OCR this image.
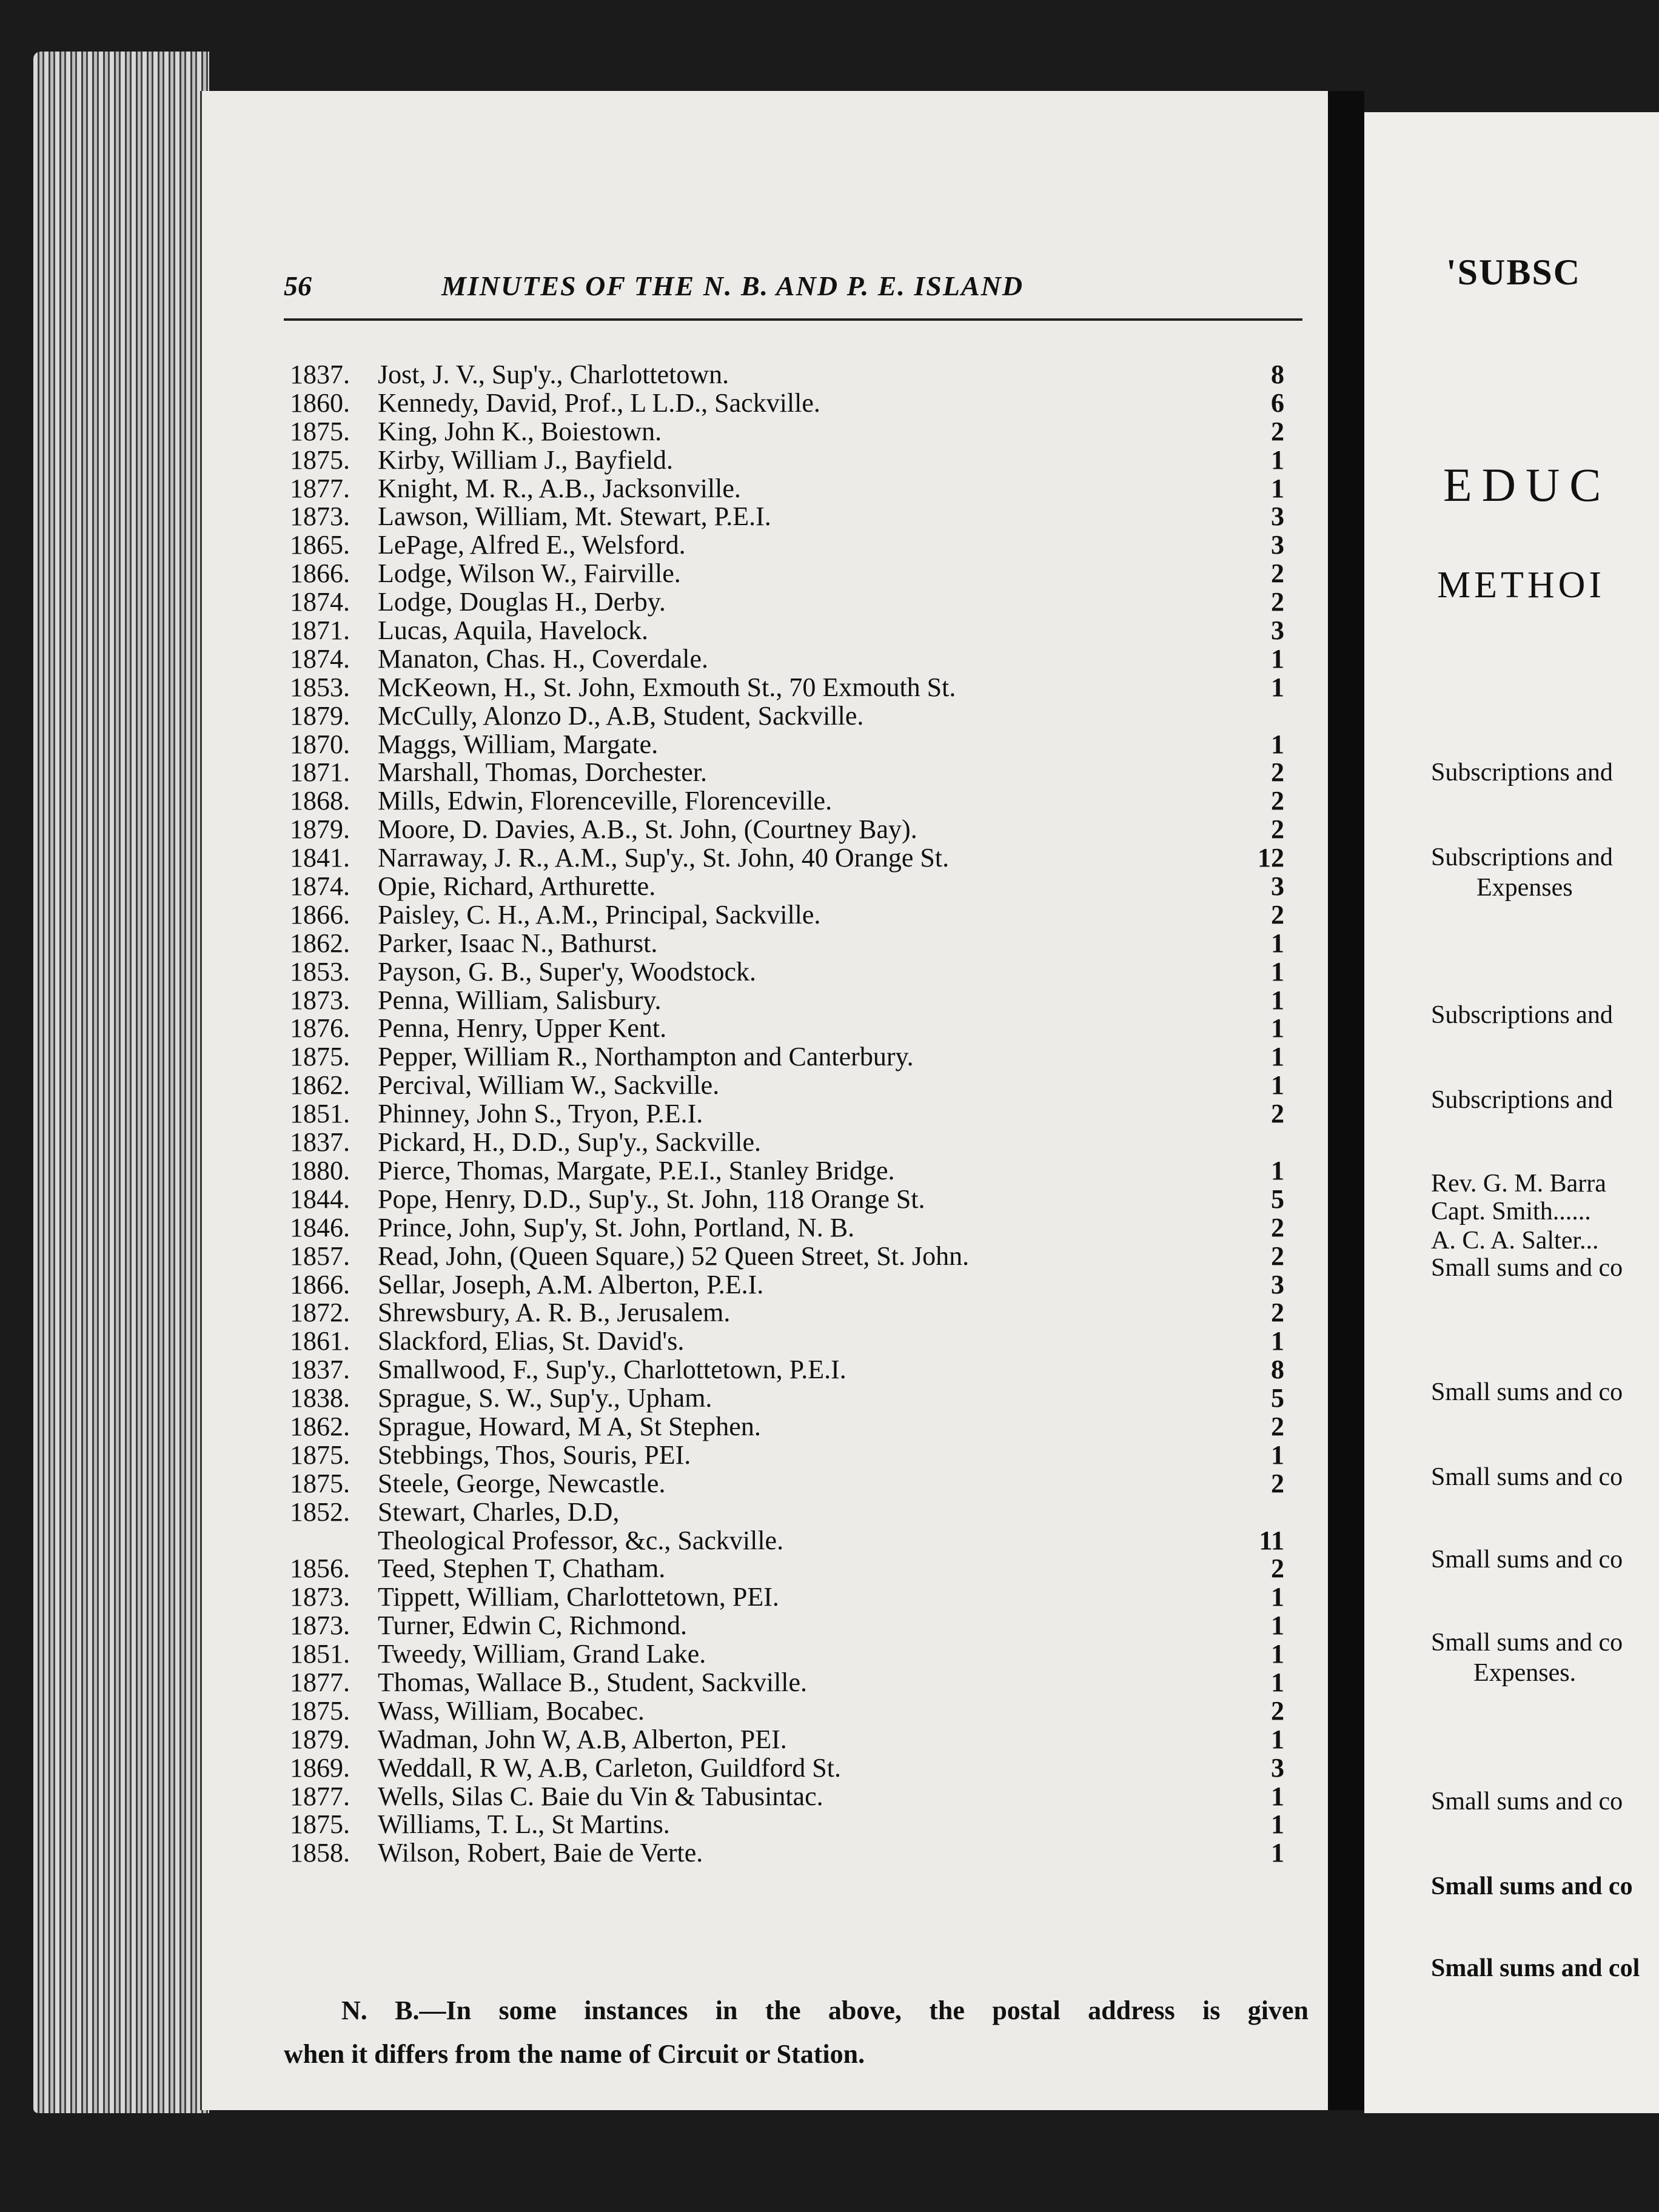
56	MINUTES OF THE N. B. AND P. E. ISLAND
1837.	Jost, J. V., Sup'y., Charlottetown.	8
1860.	Kennedy, David, Prof., L L.D., Sackville.	6
1875.	King, John K., Boiestown.	2
1875.	Kirby, William J., Bayfield.	1
1877.	Knight, M. R., A.B., Jacksonville.	1
1873.	Lawson, William, Mt. Stewart, P.E.I.	3
1865.	LePage, Alfred E., Welsford.	3
1866.	Lodge, Wilson W., Fairville.	2
1874.	Lodge, Douglas H., Derby.	2
1871.	Lucas, Aquila, Havelock.	3
1874.	Manaton, Chas. H., Coverdale.	1
1853.	McKeown, H., St. John, Exmouth St., 70 Exmouth St.	1
1879.	McCully, Alonzo D., A.B, Student, Sackville.
1870.	Maggs, William, Margate.	1
1871.	Marshall, Thomas, Dorchester.	2
1868.	Mills, Edwin, Florenceville, Florenceville.	2
1879.	Moore, D. Davies, A.B., St. John, (Courtney Bay).	2
1841.	Narraway, J. R., A.M., Sup'y., St. John, 40 Orange St.	12
1874.	Opie, Richard, Arthurette.	3
1866.	Paisley, C. H., A.M., Principal, Sackville.	2
1862.	Parker, Isaac N., Bathurst.	1
1853.	Payson, G. B., Super'y, Woodstock.	1
1873.	Penna, William, Salisbury.	1
1876.	Penna, Henry, Upper Kent.	1
1875.	Pepper, William R., Northampton and Canterbury.	1
1862.	Percival, William W., Sackville.	1
1851.	Phinney, John S., Tryon, P.E.I.	2
1837.	Pickard, H., D.D., Sup'y., Sackville.
1880.	Pierce, Thomas, Margate, P.E.I., Stanley Bridge.	1
1844.	Pope, Henry, D.D., Sup'y., St. John, 118 Orange St.	5
1846.	Prince, John, Sup'y, St. John, Portland, N. B.	2
1857.	Read, John, (Queen Square,) 52 Queen Street, St. John.	2
1866.	Sellar, Joseph, A.M. Alberton, P.E.I.	3
1872.	Shrewsbury, A. R. B., Jerusalem.	2
1861.	Slackford, Elias, St. David's.	1
1837.	Smallwood, F., Sup'y., Charlottetown, P.E.I.	8
1838.	Sprague, S. W., Sup'y., Upham.	5
1862.	Sprague, Howard, M A, St Stephen.	2
1875.	Stebbings, Thos, Souris, PEI.	1
1875.	Steele, George, Newcastle.	2
1852.	Stewart, Charles, D.D,
Theological Professor, &c., Sackville.	11
1856.	Teed, Stephen T, Chatham.	2
1873.	Tippett, William, Charlottetown, PEI.	1
1873.	Turner, Edwin C, Richmond.	1
1851.	Tweedy, William, Grand Lake.	1
1877.	Thomas, Wallace B., Student, Sackville.	1
1875.	Wass, William, Bocabec.	2
1879.	Wadman, John W, A.B, Alberton, PEI.	1
1869.	Weddall, R W, A.B, Carleton, Guildford St.	3
1877.	Wells, Silas C. Baie du Vin & Tabusintac.	1
1875.	Williams, T. L., St Martins.	1
1858.	Wilson, Robert, Baie de Verte.	1
N. B.—In some instances in the above, the postal address is given
when it differs from the name of Circuit or Station.
'SUBSC
EDUC
METHOI
Subscriptions and
Subscriptions and
Expenses
Subscriptions and
Subscriptions and
Rev. G. M. Barra
Capt. Smith......
A. C. A. Salter...
Small sums and co
Small sums and co
Small sums and co
Small sums and co
Small sums and co
Expenses.
Small sums and co
Small sums and co
Small sums and col
